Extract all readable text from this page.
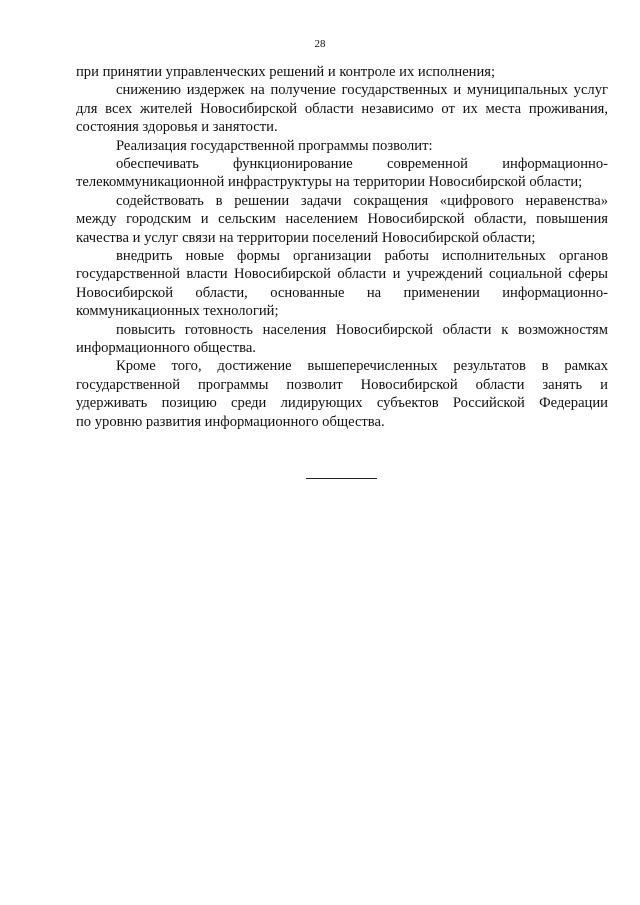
28
при принятии управленческих решений и контроле их исполнения;
снижению издержек на получение государственных и муниципальных услуг
для всех жителей Новосибирской области независимо от их места проживания,
состояния здоровья и занятости.
Реализация государственной программы позволит:
обеспечивать функционирование современной информационно-
телекоммуникационной инфраструктуры на территории Новосибирской области;
содействовать в решении задачи сокращения «цифрового неравенства»
между городским и сельским населением Новосибирской области, повышения
качества и услуг связи на территории поселений Новосибирской области;
внедрить новые формы организации работы исполнительных органов
государственной власти Новосибирской области и учреждений социальной сферы
Новосибирской области, основанные на применении информационно-
коммуникационных технологий;
повысить готовность населения Новосибирской области к возможностям
информационного общества.
Кроме того, достижение вышеперечисленных результатов в рамках
государственной программы позволит Новосибирской области занять и
удерживать позицию среди лидирующих субъектов Российской Федерации
по уровню развития информационного общества.
